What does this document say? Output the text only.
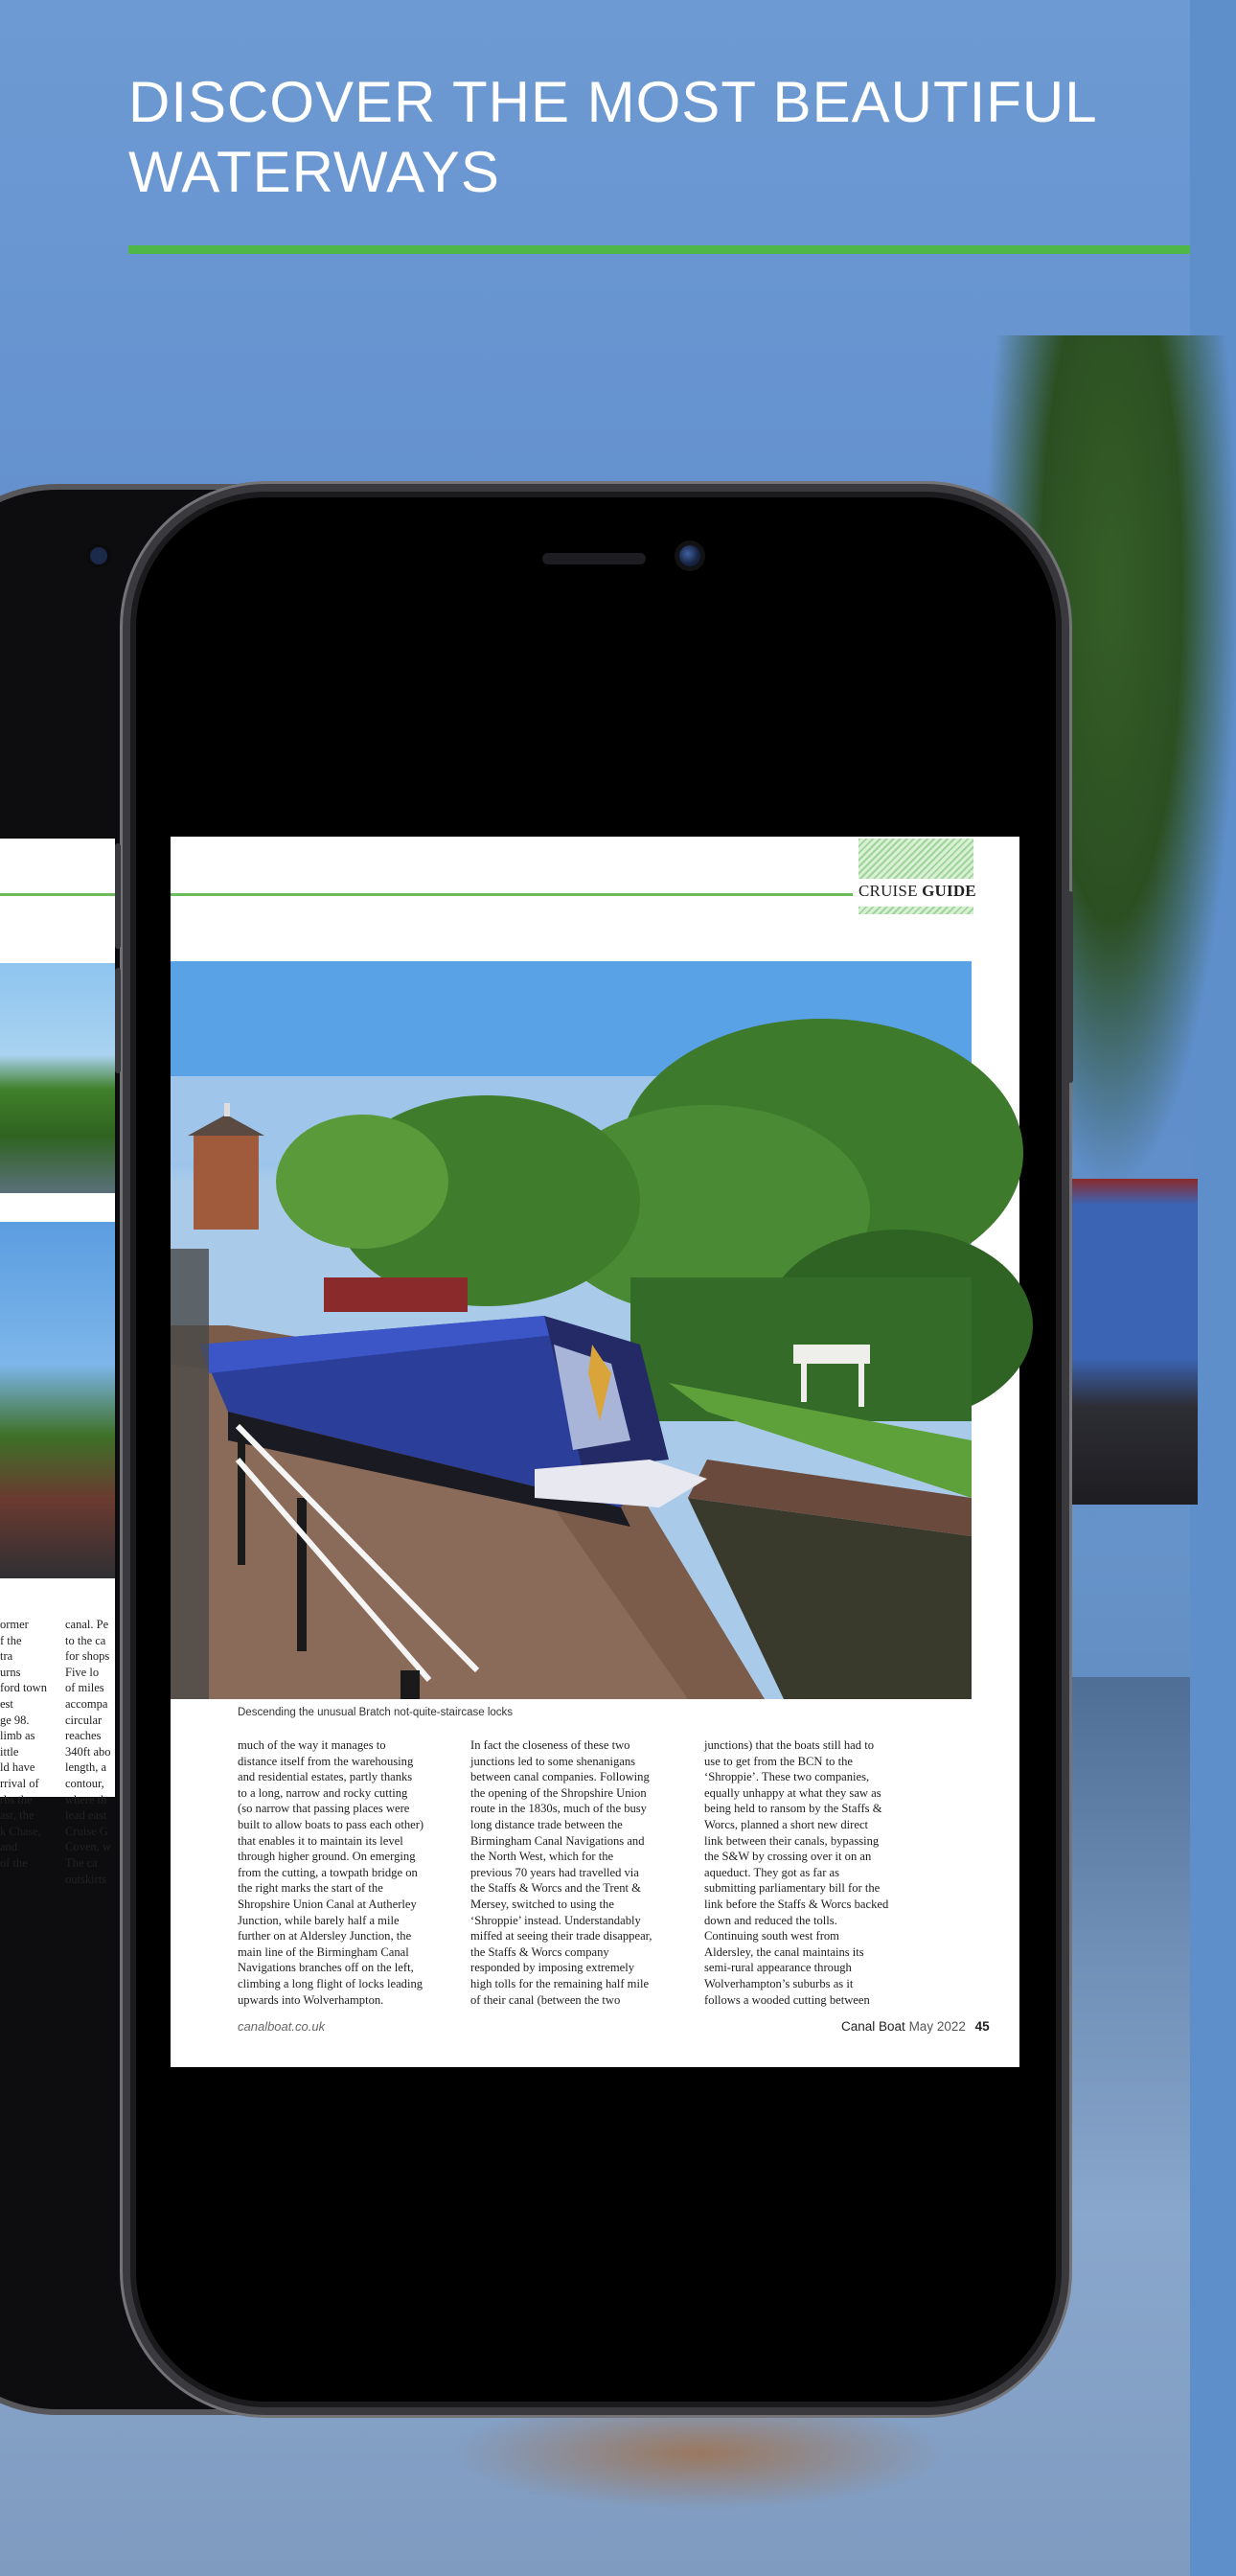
DISCOVER THE MOST BEAUTIFUL
WATERWAYS
ormer
f the
tra
urns
ford town
est
ge 98.
limb as
ittle
ld have
rrival of
rbs the
ast, the
k Chase,
and
of the
canal. Pe
to the ca
for shops
Five lo
of miles
accompa
circular
reaches
340ft abo
length, a
contour,
where th
lead east
Cruise G
Coven, w
The ca
outskirts
CRUISE GUIDE
Descending the unusual Bratch not-quite-staircase locks
much of the way it manages to
distance itself from the warehousing
and residential estates, partly thanks
to a long, narrow and rocky cutting
(so narrow that passing places were
built to allow boats to pass each other)
that enables it to maintain its level
through higher ground. On emerging
from the cutting, a towpath bridge on
the right marks the start of the
Shropshire Union Canal at Autherley
Junction, while barely half a mile
further on at Aldersley Junction, the
main line of the Birmingham Canal
Navigations branches off on the left,
climbing a long flight of locks leading
upwards into Wolverhampton.
In fact the closeness of these two
junctions led to some shenanigans
between canal companies. Following
the opening of the Shropshire Union
route in the 1830s, much of the busy
long distance trade between the
Birmingham Canal Navigations and
the North West, which for the
previous 70 years had travelled via
the Staffs & Worcs and the Trent &
Mersey, switched to using the
‘Shroppie’ instead. Understandably
miffed at seeing their trade disappear,
the Staffs & Worcs company
responded by imposing extremely
high tolls for the remaining half mile
of their canal (between the two
junctions) that the boats still had to
use to get from the BCN to the
‘Shroppie’. These two companies,
equally unhappy at what they saw as
being held to ransom by the Staffs &
Worcs, planned a short new direct
link between their canals, bypassing
the S&W by crossing over it on an
aqueduct. They got as far as
submitting parliamentary bill for the
link before the Staffs & Worcs backed
down and reduced the tolls.
Continuing south west from
Aldersley, the canal maintains its
semi-rural appearance through
Wolverhampton’s suburbs as it
follows a wooded cutting between
canalboat.co.uk	Canal Boat May 2022 45
